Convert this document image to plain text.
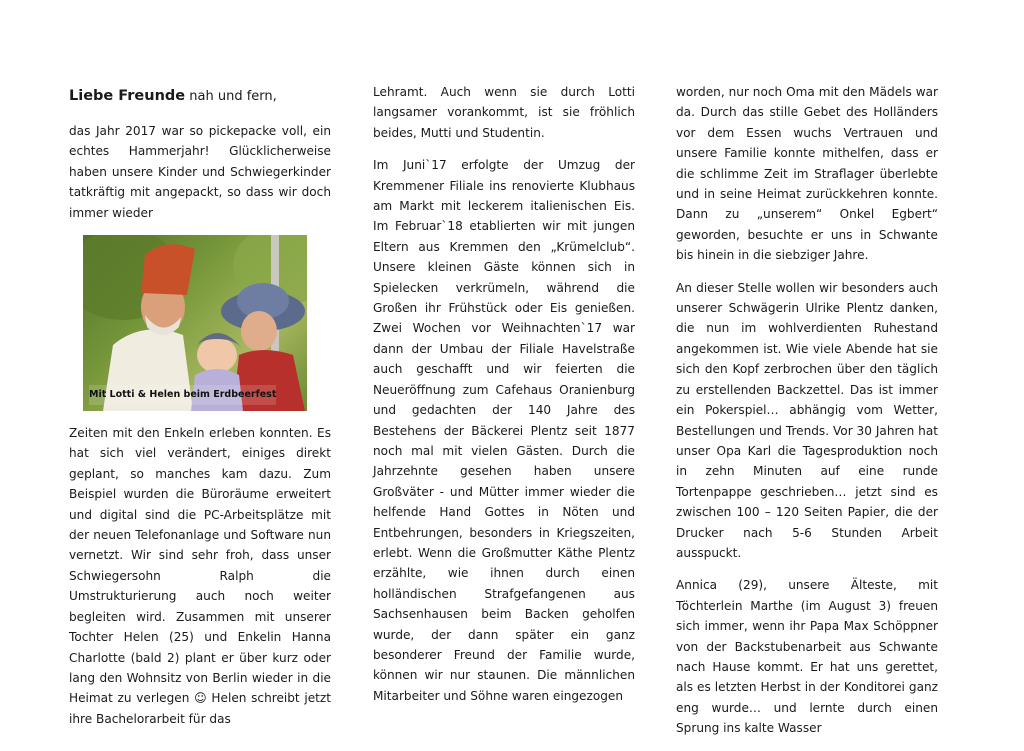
Liebe Freunde nah und fern,

das Jahr 2017 war so pickepacke voll, ein echtes Hammerjahr! Glücklicherweise haben unsere Kinder und Schwiegerkinder tatkräftig mit angepackt, so dass wir doch immer wieder

Mit Lotti & Helen beim Erdbeerfest

Zeiten mit den Enkeln erleben konnten. Es hat sich viel verändert, einiges direkt geplant, so manches kam dazu. Zum Beispiel wurden die Büroräume erweitert und digital sind die PC-Arbeitsplätze mit der neuen Telefonanlage und Software nun vernetzt. Wir sind sehr froh, dass unser Schwiegersohn Ralph die Umstrukturierung auch noch weiter begleiten wird. Zusammen mit unserer Tochter Helen (25) und Enkelin Hanna Charlotte (bald 2) plant er über kurz oder lang den Wohnsitz von Berlin wieder in die Heimat zu verlegen ☺ Helen schreibt jetzt ihre Bachelorarbeit für das

Lehramt. Auch wenn sie durch Lotti langsamer vorankommt, ist sie fröhlich beides, Mutti und Studentin.

Im Juni`17 erfolgte der Umzug der Kremmener Filiale ins renovierte Klubhaus am Markt mit leckerem italienischen Eis. Im Februar`18 etablierten wir mit jungen Eltern aus Kremmen den „Krümelclub“. Unsere kleinen Gäste können sich in Spielecken verkrümeln, während die Großen ihr Frühstück oder Eis genießen. Zwei Wochen vor Weihnachten`17 war dann der Umbau der Filiale Havelstraße auch geschafft und wir feierten die Neueröffnung zum Cafehaus Oranienburg und gedachten der 140 Jahre des Bestehens der Bäckerei Plentz seit 1877 noch mal mit vielen Gästen. Durch die Jahrzehnte gesehen haben unsere Großväter - und Mütter immer wieder die helfende Hand Gottes in Nöten und Entbehrungen, besonders in Kriegszeiten, erlebt. Wenn die Großmutter Käthe Plentz erzählte, wie ihnen durch einen holländischen Strafgefangenen aus Sachsenhausen beim Backen geholfen wurde, der dann später ein ganz besonderer Freund der Familie wurde, können wir nur staunen. Die männlichen Mitarbeiter und Söhne waren eingezogen

worden, nur noch Oma mit den Mädels war da. Durch das stille Gebet des Holländers vor dem Essen wuchs Vertrauen und unsere Familie konnte mithelfen, dass er die schlimme Zeit im Straflager überlebte und in seine Heimat zurückkehren konnte. Dann zu „unserem“ Onkel Egbert“ geworden, besuchte er uns in Schwante bis hinein in die siebziger Jahre.

An dieser Stelle wollen wir besonders auch unserer Schwägerin Ulrike Plentz danken, die nun im wohlverdienten Ruhestand angekommen ist. Wie viele Abende hat sie sich den Kopf zerbrochen über den täglich zu erstellenden Backzettel. Das ist immer ein Pokerspiel… abhängig vom Wetter, Bestellungen und Trends. Vor 30 Jahren hat unser Opa Karl die Tagesproduktion noch in zehn Minuten auf eine runde Tortenpappe geschrieben… jetzt sind es zwischen 100 – 120 Seiten Papier, die der Drucker nach 5-6 Stunden Arbeit ausspuckt.

Annica (29), unsere Älteste, mit Töchterlein Marthe (im August 3) freuen sich immer, wenn ihr Papa Max Schöppner von der Backstubenarbeit aus Schwante nach Hause kommt. Er hat uns gerettet, als es letzten Herbst in der Konditorei ganz eng wurde… und lernte durch einen Sprung ins kalte Wasser
